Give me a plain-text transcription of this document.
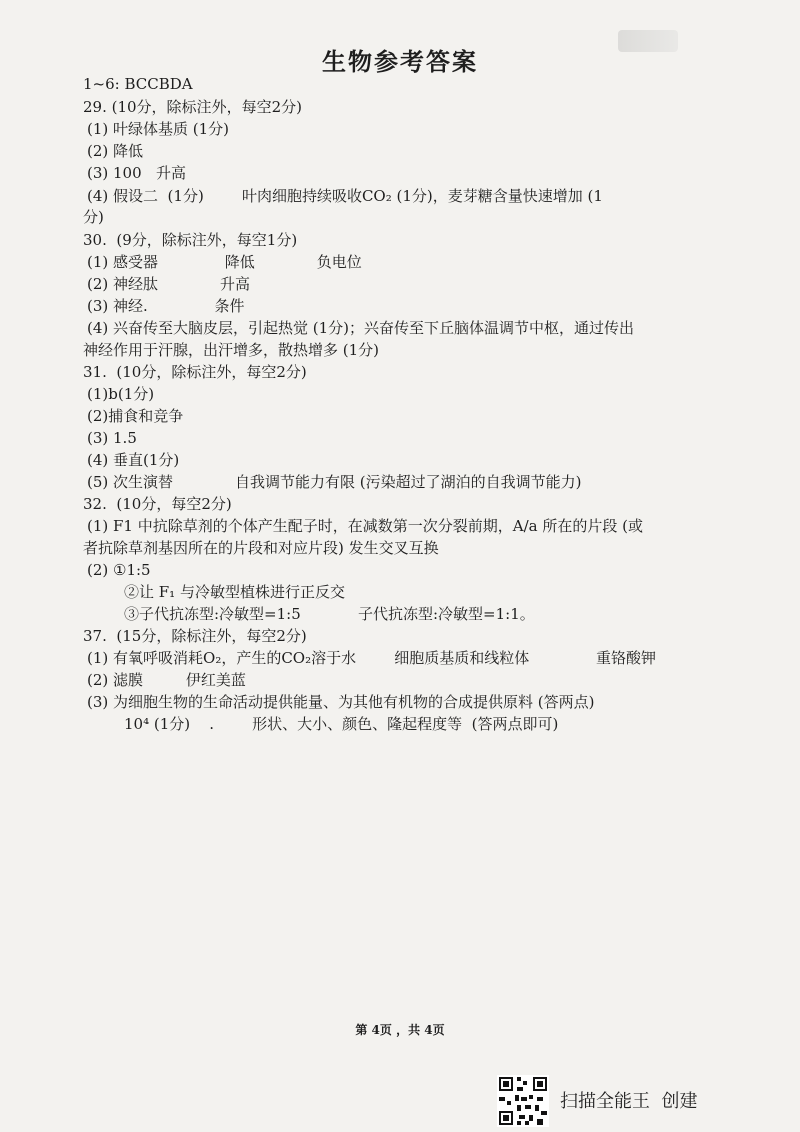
生物参考答案
1~6: BCCBDA
29. (10分，除标注外，每空2分)
(1) 叶绿体基质 (1分)
(2) 降低
(3) 100   升高
(4) 假设二  (1分)        叶肉细胞持续吸收CO₂ (1分)，麦芽糖含量快速增加 (1
分)
30.  (9分，除标注外，每空1分)
(1) 感受器              降低             负电位
(2) 神经肽             升高
(3) 神经.              条件
(4) 兴奋传至大脑皮层，引起热觉 (1分)；兴奋传至下丘脑体温调节中枢，通过传出
神经作用于汗腺，出汗增多，散热增多 (1分)
31.  (10分，除标注外，每空2分)
(1)b(1分)
(2)捕食和竞争
(3) 1.5
(4) 垂直(1分)
(5) 次生演替             自我调节能力有限 (污染超过了湖泊的自我调节能力)
32.  (10分，每空2分)
(1) F1 中抗除草剂的个体产生配子时，在减数第一次分裂前期，A/a 所在的片段 (或
者抗除草剂基因所在的片段和对应片段) 发生交叉互换
(2) ①1:5
②让 F₁ 与冷敏型植株进行正反交
③子代抗冻型:冷敏型=1:5            子代抗冻型:冷敏型=1:1。
37.  (15分，除标注外，每空2分)
(1) 有氧呼吸消耗O₂，产生的CO₂溶于水        细胞质基质和线粒体              重铬酸钾
(2) 滤膜         伊红美蓝
(3) 为细胞生物的生命活动提供能量、为其他有机物的合成提供原料 (答两点)
10⁴ (1分)    .        形状、大小、颜色、隆起程度等  (答两点即可)
第 4页 ，共 4页
扫描全能王  创建
